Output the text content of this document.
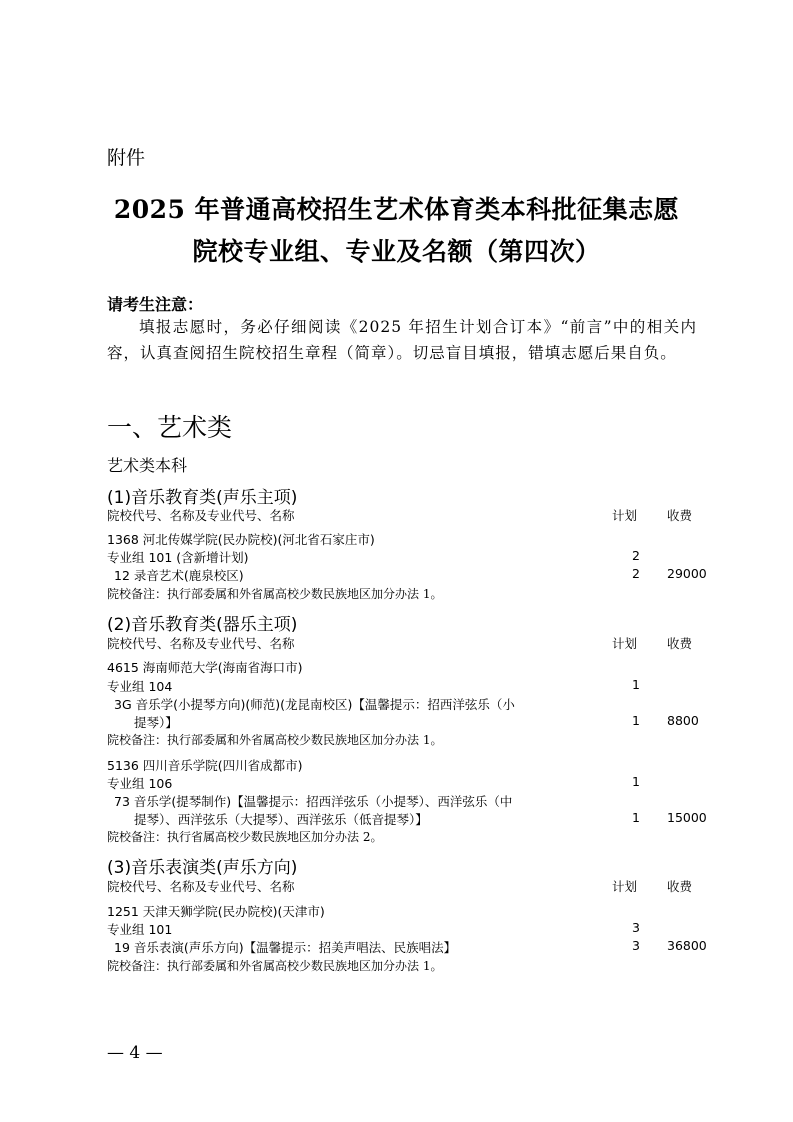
附件
2025 年普通高校招生艺术体育类本科批征集志愿
院校专业组、专业及名额（第四次）
请考生注意：
填报志愿时，务必仔细阅读《2025 年招生计划合订本》“前言”中的相关内容，认真查阅招生院校招生章程（简章）。切忌盲目填报，错填志愿后果自负。
一、艺术类
艺术类本科
(1)音乐教育类(声乐主项)
院校代号、名称及专业代号、名称	计划 收费
1368 河北传媒学院(民办院校)(河北省石家庄市)
专业组 101 (含新增计划)	2
12 录音艺术(鹿泉校区)	2 29000
院校备注：执行部委属和外省属高校少数民族地区加分办法 1。
(2)音乐教育类(器乐主项)
院校代号、名称及专业代号、名称	计划 收费
4615 海南师范大学(海南省海口市)
专业组 104	1
3G 音乐学(小提琴方向)(师范)(龙昆南校区)【温馨提示：招西洋弦乐（小
提琴）】	1 8800
院校备注：执行部委属和外省属高校少数民族地区加分办法 1。
5136 四川音乐学院(四川省成都市)
专业组 106	1
73 音乐学(提琴制作)【温馨提示：招西洋弦乐（小提琴）、西洋弦乐（中
提琴）、西洋弦乐（大提琴）、西洋弦乐（低音提琴）】	1 15000
院校备注：执行省属高校少数民族地区加分办法 2。
(3)音乐表演类(声乐方向)
院校代号、名称及专业代号、名称	计划 收费
1251 天津天狮学院(民办院校)(天津市)
专业组 101	3
19 音乐表演(声乐方向)【温馨提示：招美声唱法、民族唱法】	3 36800
院校备注：执行部委属和外省属高校少数民族地区加分办法 1。
— 4 —
